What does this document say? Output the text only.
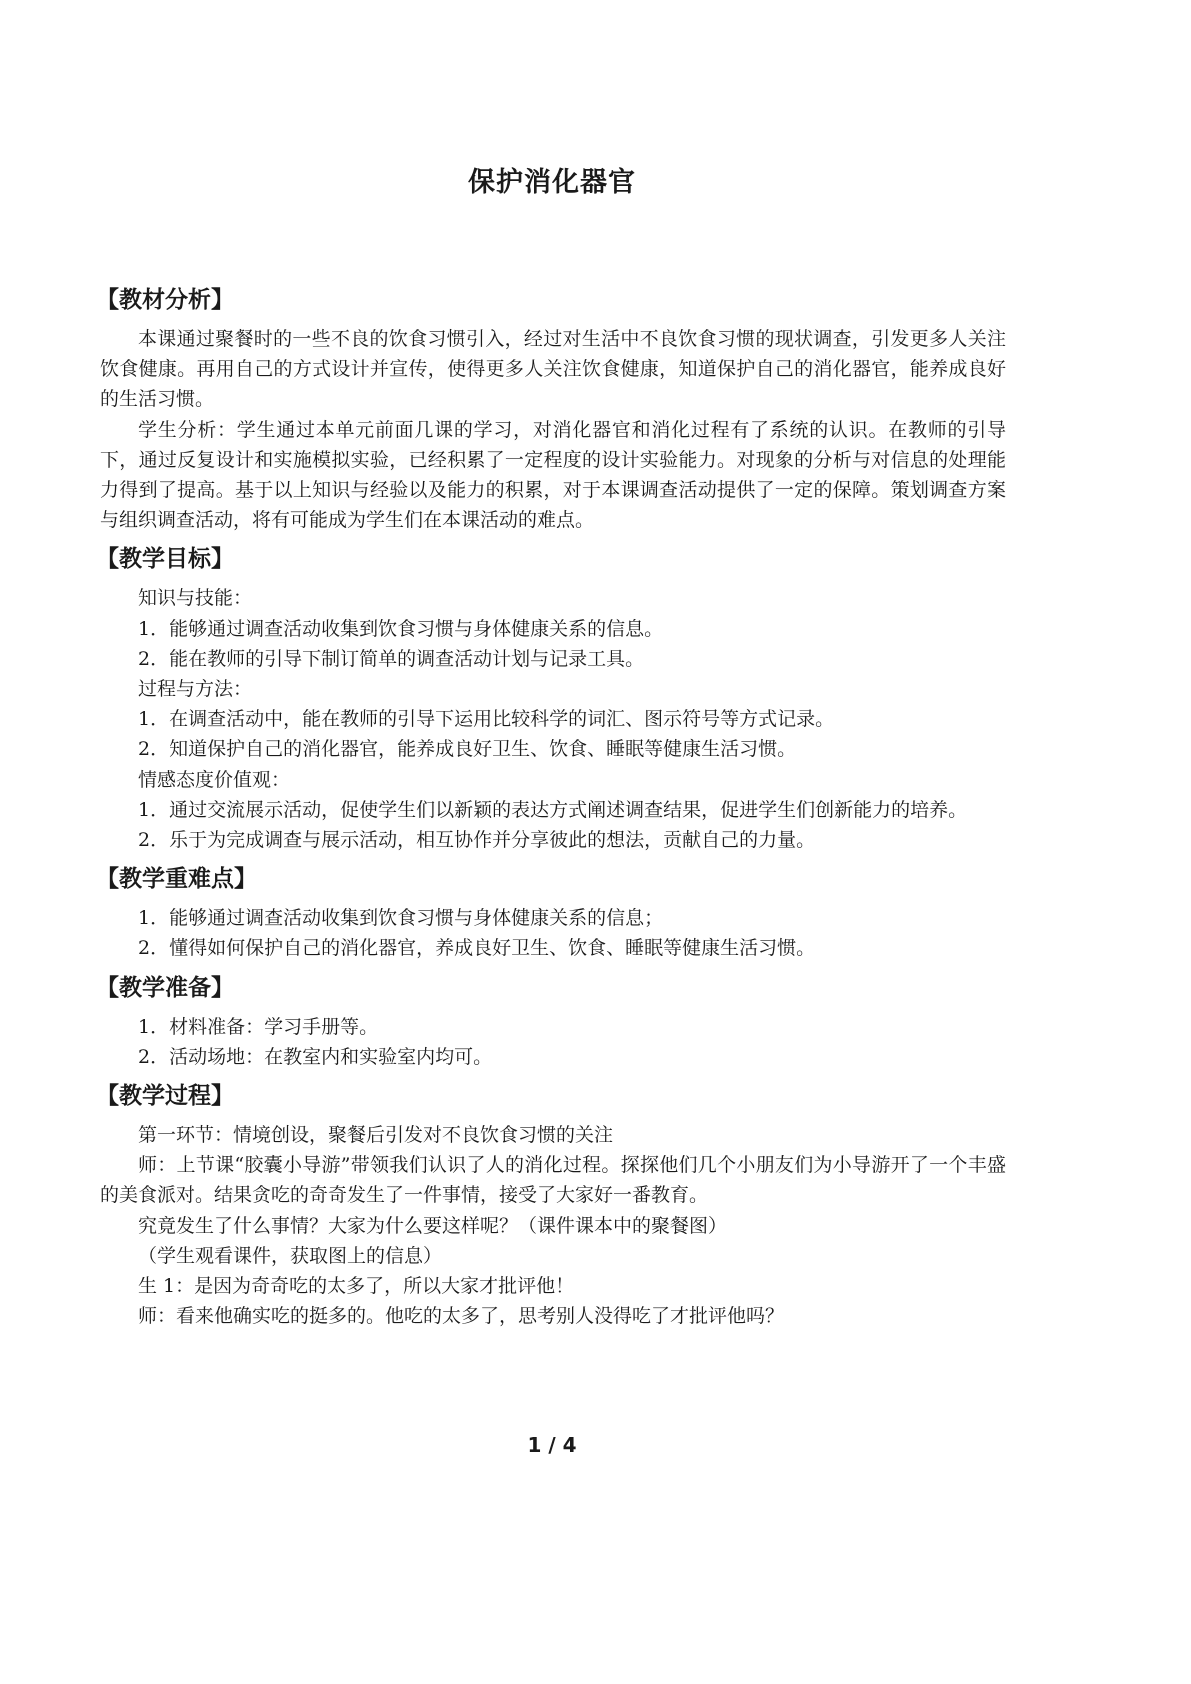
保护消化器官
【教材分析】

本课通过聚餐时的一些不良的饮食习惯引入，经过对生活中不良饮食习惯的现状调查，引发更多人关注饮食健康。再用自己的方式设计并宣传，使得更多人关注饮食健康，知道保护自己的消化器官，能养成良好的生活习惯。

学生分析：学生通过本单元前面几课的学习，对消化器官和消化过程有了系统的认识。在教师的引导下，通过反复设计和实施模拟实验，已经积累了一定程度的设计实验能力。对现象的分析与对信息的处理能力得到了提高。基于以上知识与经验以及能力的积累，对于本课调查活动提供了一定的保障。策划调查方案与组织调查活动，将有可能成为学生们在本课活动的难点。

【教学目标】

知识与技能：

1．能够通过调查活动收集到饮食习惯与身体健康关系的信息。

2．能在教师的引导下制订简单的调查活动计划与记录工具。

过程与方法：

1．在调查活动中，能在教师的引导下运用比较科学的词汇、图示符号等方式记录。

2．知道保护自己的消化器官，能养成良好卫生、饮食、睡眠等健康生活习惯。

情感态度价值观：

1．通过交流展示活动，促使学生们以新颖的表达方式阐述调查结果，促进学生们创新能力的培养。

2．乐于为完成调查与展示活动，相互协作并分享彼此的想法，贡献自己的力量。

【教学重难点】

1．能够通过调查活动收集到饮食习惯与身体健康关系的信息；

2．懂得如何保护自己的消化器官，养成良好卫生、饮食、睡眠等健康生活习惯。

【教学准备】

1．材料准备：学习手册等。

2．活动场地：在教室内和实验室内均可。

【教学过程】

第一环节：情境创设，聚餐后引发对不良饮食习惯的关注

师：上节课“胶囊小导游”带领我们认识了人的消化过程。探探他们几个小朋友们为小导游开了一个丰盛的美食派对。结果贪吃的奇奇发生了一件事情，接受了大家好一番教育。

究竟发生了什么事情？大家为什么要这样呢？（课件课本中的聚餐图）

（学生观看课件，获取图上的信息）

生 1：是因为奇奇吃的太多了，所以大家才批评他！

师：看来他确实吃的挺多的。他吃的太多了，思考别人没得吃了才批评他吗？

1 / 4
